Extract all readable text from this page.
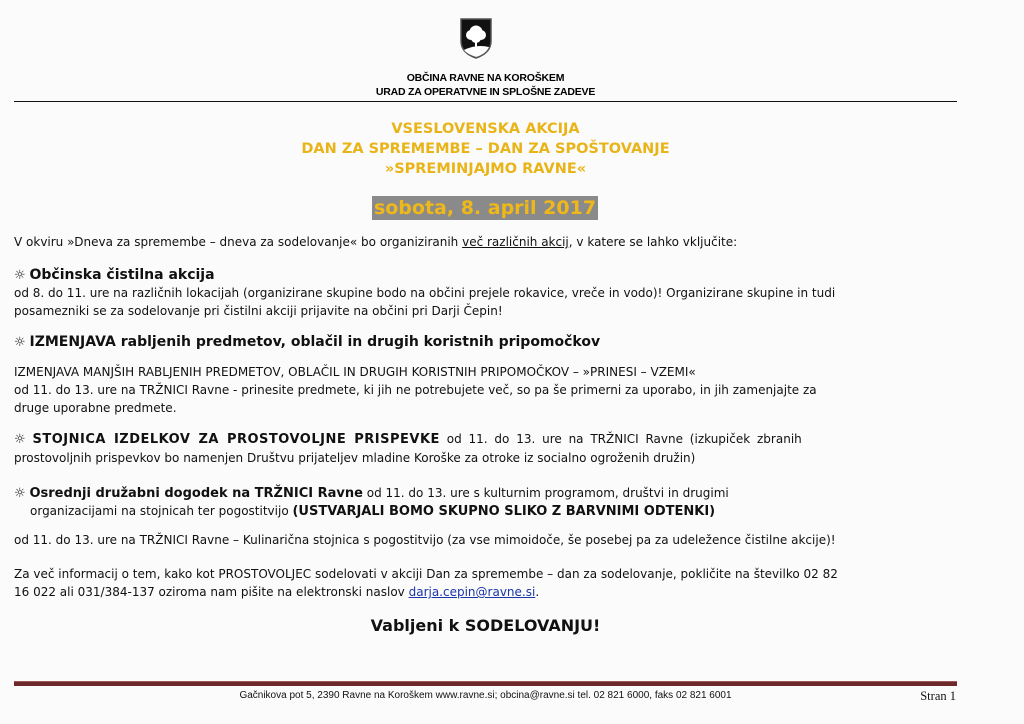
OBČINA RAVNE NA KOROŠKEM
URAD ZA OPERATVNE IN SPLOŠNE ZADEVE
VSESLOVENSKA AKCIJA
DAN ZA SPREMEMBE – DAN ZA SPOŠTOVANJE
»SPREMINJAJMO RAVNE«
sobota, 8. april 2017
V okviru »Dneva za spremembe – dneva za sodelovanje« bo organiziranih več različnih akcij, v katere se lahko vključite:
☼ Občinska čistilna akcija
od 8. do 11. ure na različnih lokacijah (organizirane skupine bodo na občini prejele rokavice, vreče in vodo)! Organizirane skupine in tudi
posamezniki se za sodelovanje pri čistilni akciji prijavite na občini pri Darji Čepin!
☼ IZMENJAVA rabljenih predmetov, oblačil in drugih koristnih pripomočkov
IZMENJAVA MANJŠIH RABLJENIH PREDMETOV, OBLAČIL IN DRUGIH KORISTNIH PRIPOMOČKOV – »PRINESI – VZEMI«
od 11. do 13. ure na TRŽNICI Ravne - prinesite predmete, ki jih ne potrebujete več, so pa še primerni za uporabo, in jih zamenjajte za
druge uporabne predmete.
☼ STOJNICA IZDELKOV ZA PROSTOVOLJNE PRISPEVKE od 11. do 13. ure na TRŽNICI Ravne (izkupiček zbranih
prostovoljnih prispevkov bo namenjen Društvu prijateljev mladine Koroške za otroke iz socialno ogroženih družin)
☼ Osrednji družabni dogodek na TRŽNICI Ravne od 11. do 13. ure s kulturnim programom, društvi in drugimi
organizacijami na stojnicah ter pogostitvijo (USTVARJALI BOMO SKUPNO SLIKO Z BARVNIMI ODTENKI)
od 11. do 13. ure na TRŽNICI Ravne – Kulinarična stojnica s pogostitvijo (za vse mimoidoče, še posebej pa za udeležence čistilne akcije)!
Za več informacij o tem, kako kot PROSTOVOLJEC sodelovati v akciji Dan za spremembe – dan za sodelovanje, pokličite na številko 02 82
16 022 ali 031/384-137 oziroma nam pišite na elektronski naslov darja.cepin@ravne.si.
Vabljeni k SODELOVANJU!
Gačnikova pot 5, 2390 Ravne na Koroškem www.ravne.si; obcina@ravne.si tel. 02 821 6000, faks 02 821 6001	Stran 1
